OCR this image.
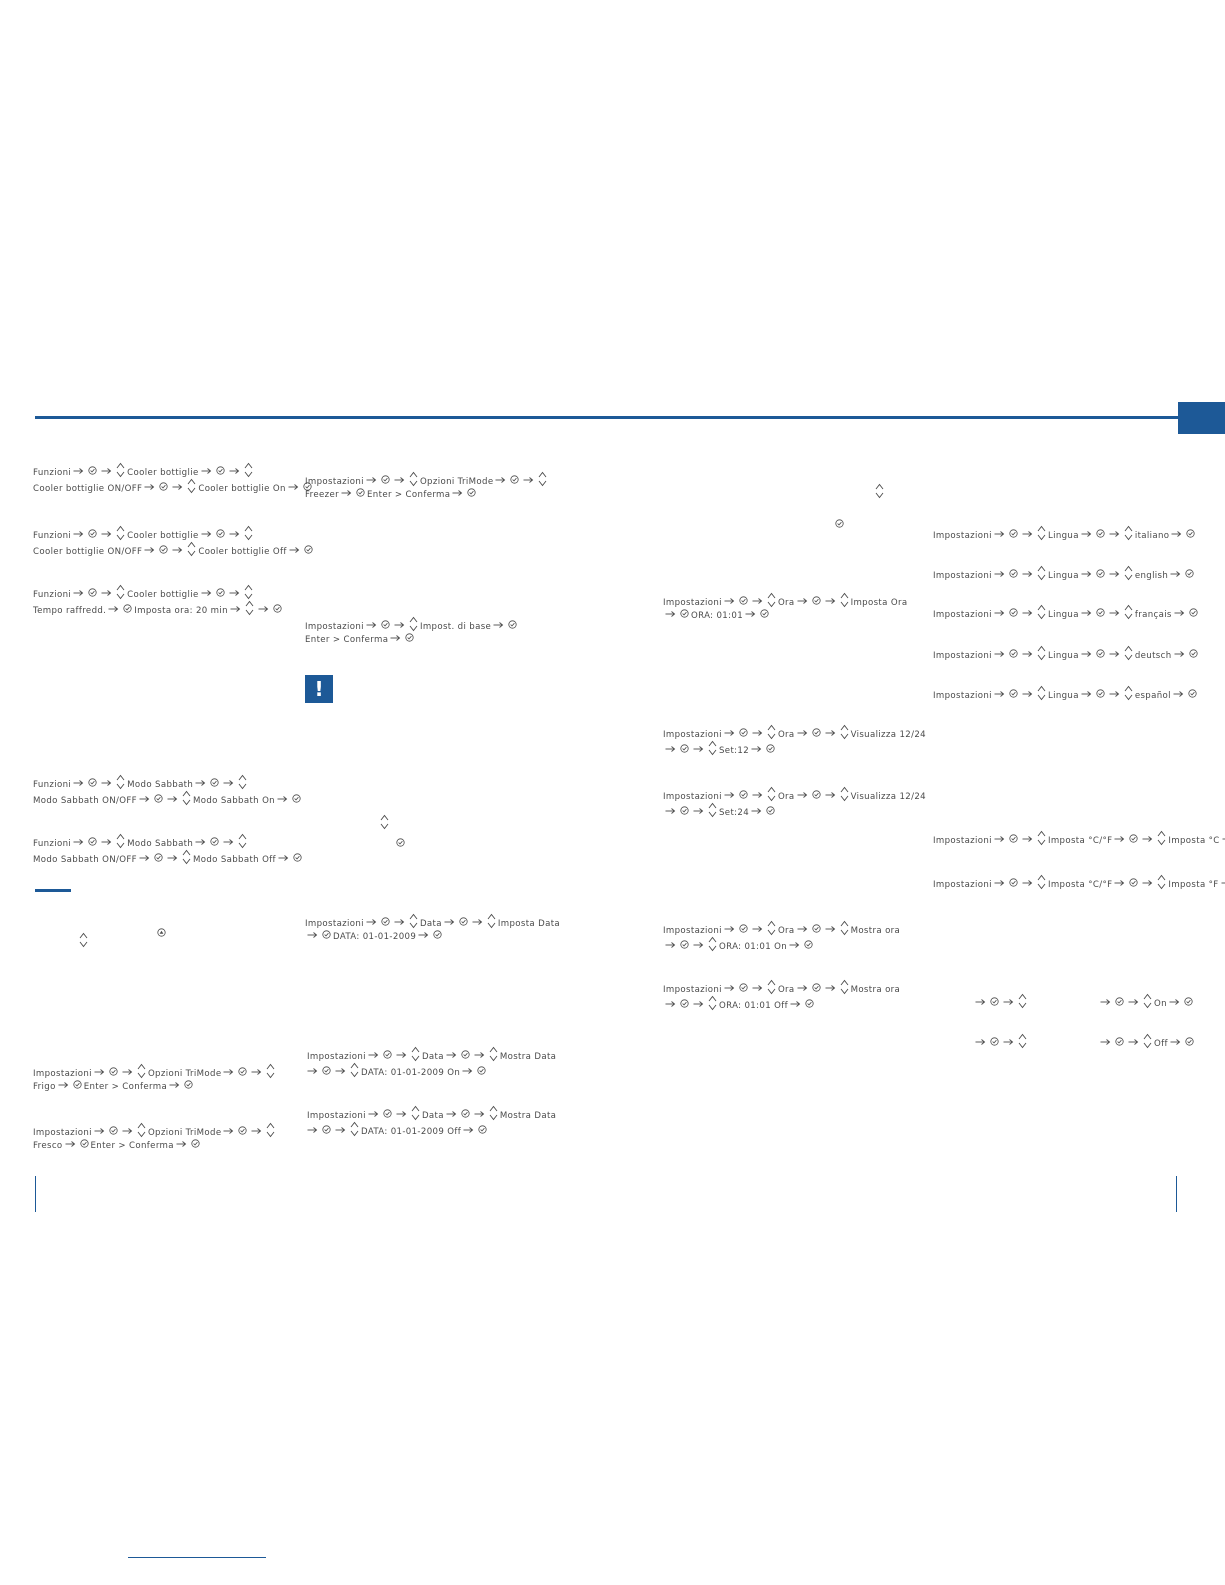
!
Funzioni	Cooler bottiglie
Cooler bottiglie ON/OFF	Cooler bottiglie On
Funzioni	Cooler bottiglie
Cooler bottiglie ON/OFF	Cooler bottiglie Off
Funzioni	Cooler bottiglie
Tempo raffredd.	Imposta ora: 20 min
Funzioni	Modo Sabbath
Modo Sabbath ON/OFF	Modo Sabbath On
Funzioni	Modo Sabbath
Modo Sabbath ON/OFF	Modo Sabbath Off
Impostazioni	Opzioni TriMode
Frigo	Enter > Conferma
Impostazioni	Opzioni TriMode
Fresco	Enter > Conferma
Impostazioni	Opzioni TriMode
Freezer	Enter > Conferma
Impostazioni	Impost. di base
Enter > Conferma
Impostazioni	Data	Imposta Data
DATA: 01-01-2009
Impostazioni	Data	Mostra Data
DATA: 01-01-2009 On
Impostazioni	Data	Mostra Data
DATA: 01-01-2009 Off
Impostazioni	Ora	Imposta Ora
ORA: 01:01
Impostazioni	Ora	Visualizza 12/24
Set:12
Impostazioni	Ora	Visualizza 12/24
Set:24
Impostazioni	Ora	Mostra ora
ORA: 01:01 On
Impostazioni	Ora	Mostra ora
ORA: 01:01 Off
Impostazioni	Lingua	italiano
Impostazioni	Lingua	english
Impostazioni	Lingua	français
Impostazioni	Lingua	deutsch
Impostazioni	Lingua	español
Impostazioni	Imposta °C/°F	Imposta °C
Impostazioni	Imposta °C/°F	Imposta °F
On
Off
